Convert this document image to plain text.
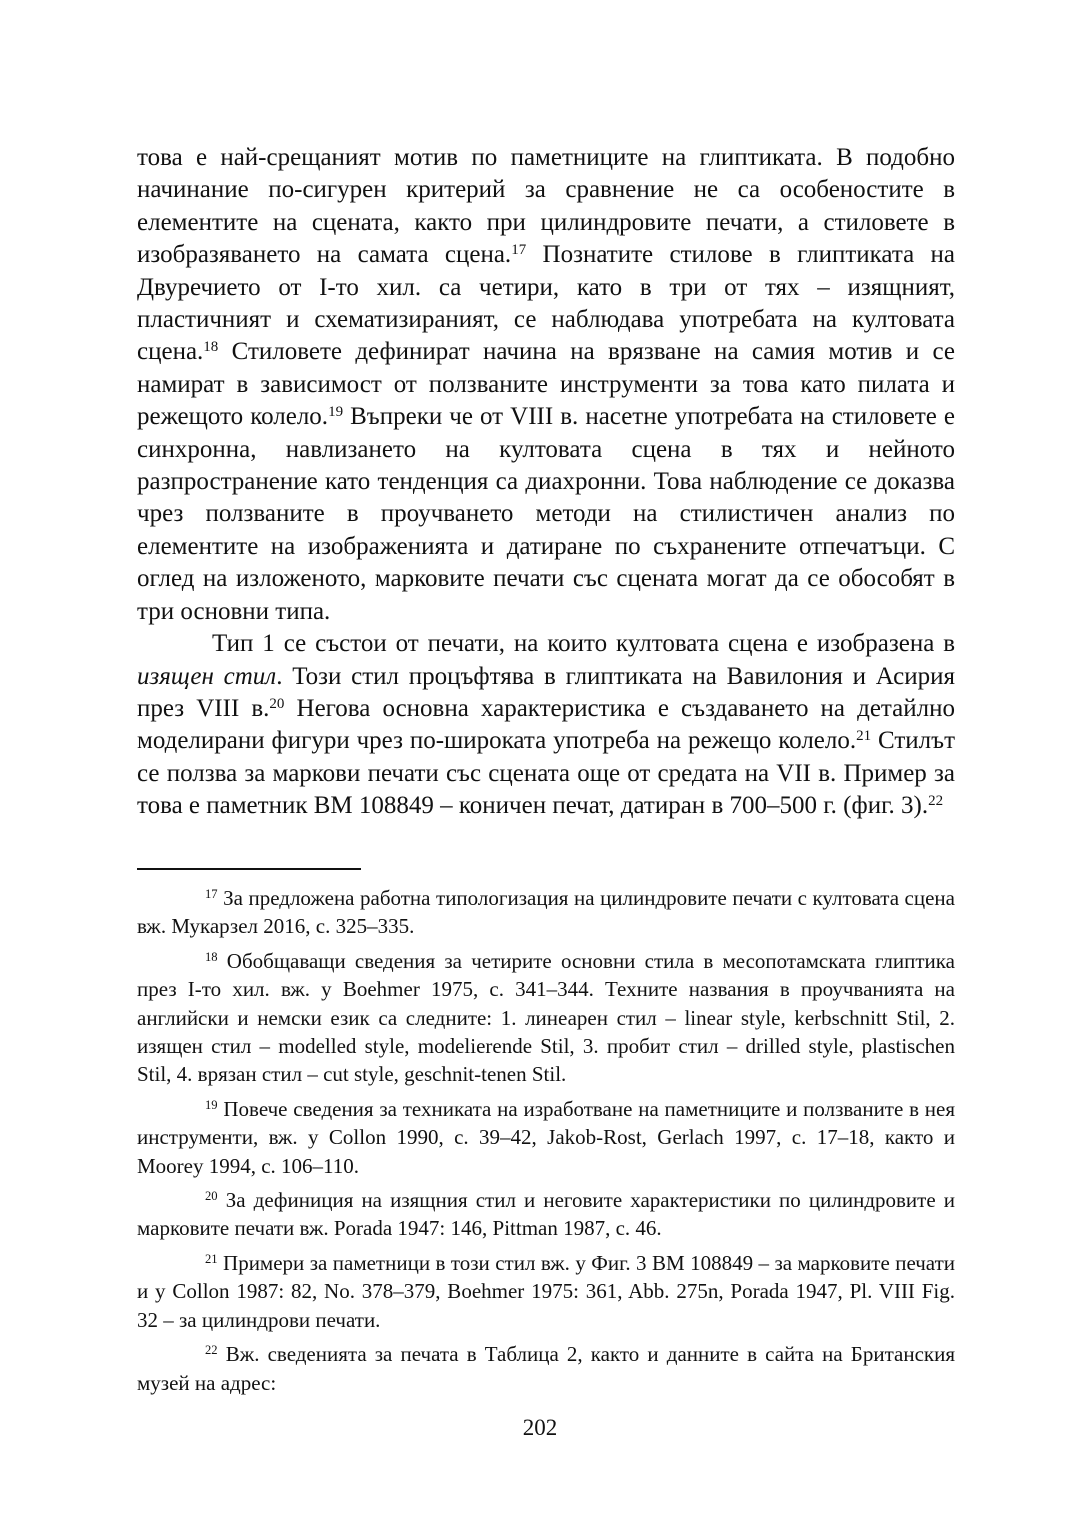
това е най-срещаният мотив по паметниците на глиптиката. В подобно начинание по-сигурен критерий за сравнение не са особеностите в елементите на сцената, както при цилиндровите печати, а стиловете в изобразяването на самата сцена.$^{17}$ Познатите стилове в глиптиката на Двуречието от I-то хил. са четири, като в три от тях – изящният, пластичният и схематизираният, се наблюдава употребата на култовата сцена.$^{18}$ Стиловете дефинират начина на врязване на самия мотив и се намират в зависимост от ползваните инструменти за това като пилата и режещото колело.$^{19}$ Въпреки че от VIII в. насетне употребата на стиловете е синхронна, навлизането на култовата сцена в тях и нейното разпространение като тенденция са диахронни. Това наблюдение се доказва чрез ползваните в проучването методи на стилистичен анализ по елементите на изображенията и датиране по съхранените отпечатъци. С оглед на изложеното, марковите печати със сцената могат да се обособят в три основни типа.

Тип 1 се състои от печати, на които култовата сцена е изобразена в изящен стил. Този стил процъфтява в глиптиката на Вавилония и Асирия през VIII в.$^{20}$ Негова основна характеристика е създаването на детайлно моделирани фигури чрез по-широката употреба на режещо колело.$^{21}$ Стилът се ползва за маркови печати със сцената още от средата на VII в. Пример за това е паметник BM 108849 – коничен печат, датиран в 700–500 г. (фиг. 3).$^{22}$

$^{17}$ За предложена работна типологизация на цилиндровите печати с култовата сцена вж. Мукарзел 2016, с. 325–335.

$^{18}$ Обобщаващи сведения за четирите основни стила в месопотамската глиптика през I-то хил. вж. у Boehmer 1975, с. 341–344. Техните названия в проучванията на английски и немски език са следните: 1. линеарен стил – linear style, kerbschnitt Stil, 2. изящен стил – modelled style, modelierende Stil, 3. пробит стил – drilled style, plastischen Stil, 4. врязан стил – cut style, geschnit-tenen Stil.

$^{19}$ Повече сведения за техниката на изработване на паметниците и ползваните в нея инструменти, вж. у Collon 1990, с. 39–42, Jakob-Rost, Gerlach 1997, с. 17–18, както и Moorey 1994, с. 106–110.

$^{20}$ За дефиниция на изящния стил и неговите характеристики по цилиндровите и марковите печати вж. Porada 1947: 146, Pittman 1987, с. 46.

$^{21}$ Примери за паметници в този стил вж. у Фиг. 3 BM 108849 – за марковите печати и у Collon 1987: 82, No. 378–379, Boehmer 1975: 361, Abb. 275n, Porada 1947, Pl. VIII Fig. 32 – за цилиндрови печати.

$^{22}$ Вж. сведенията за печата в Таблица 2, както и данните в сайта на Британския музей на адрес:

202
